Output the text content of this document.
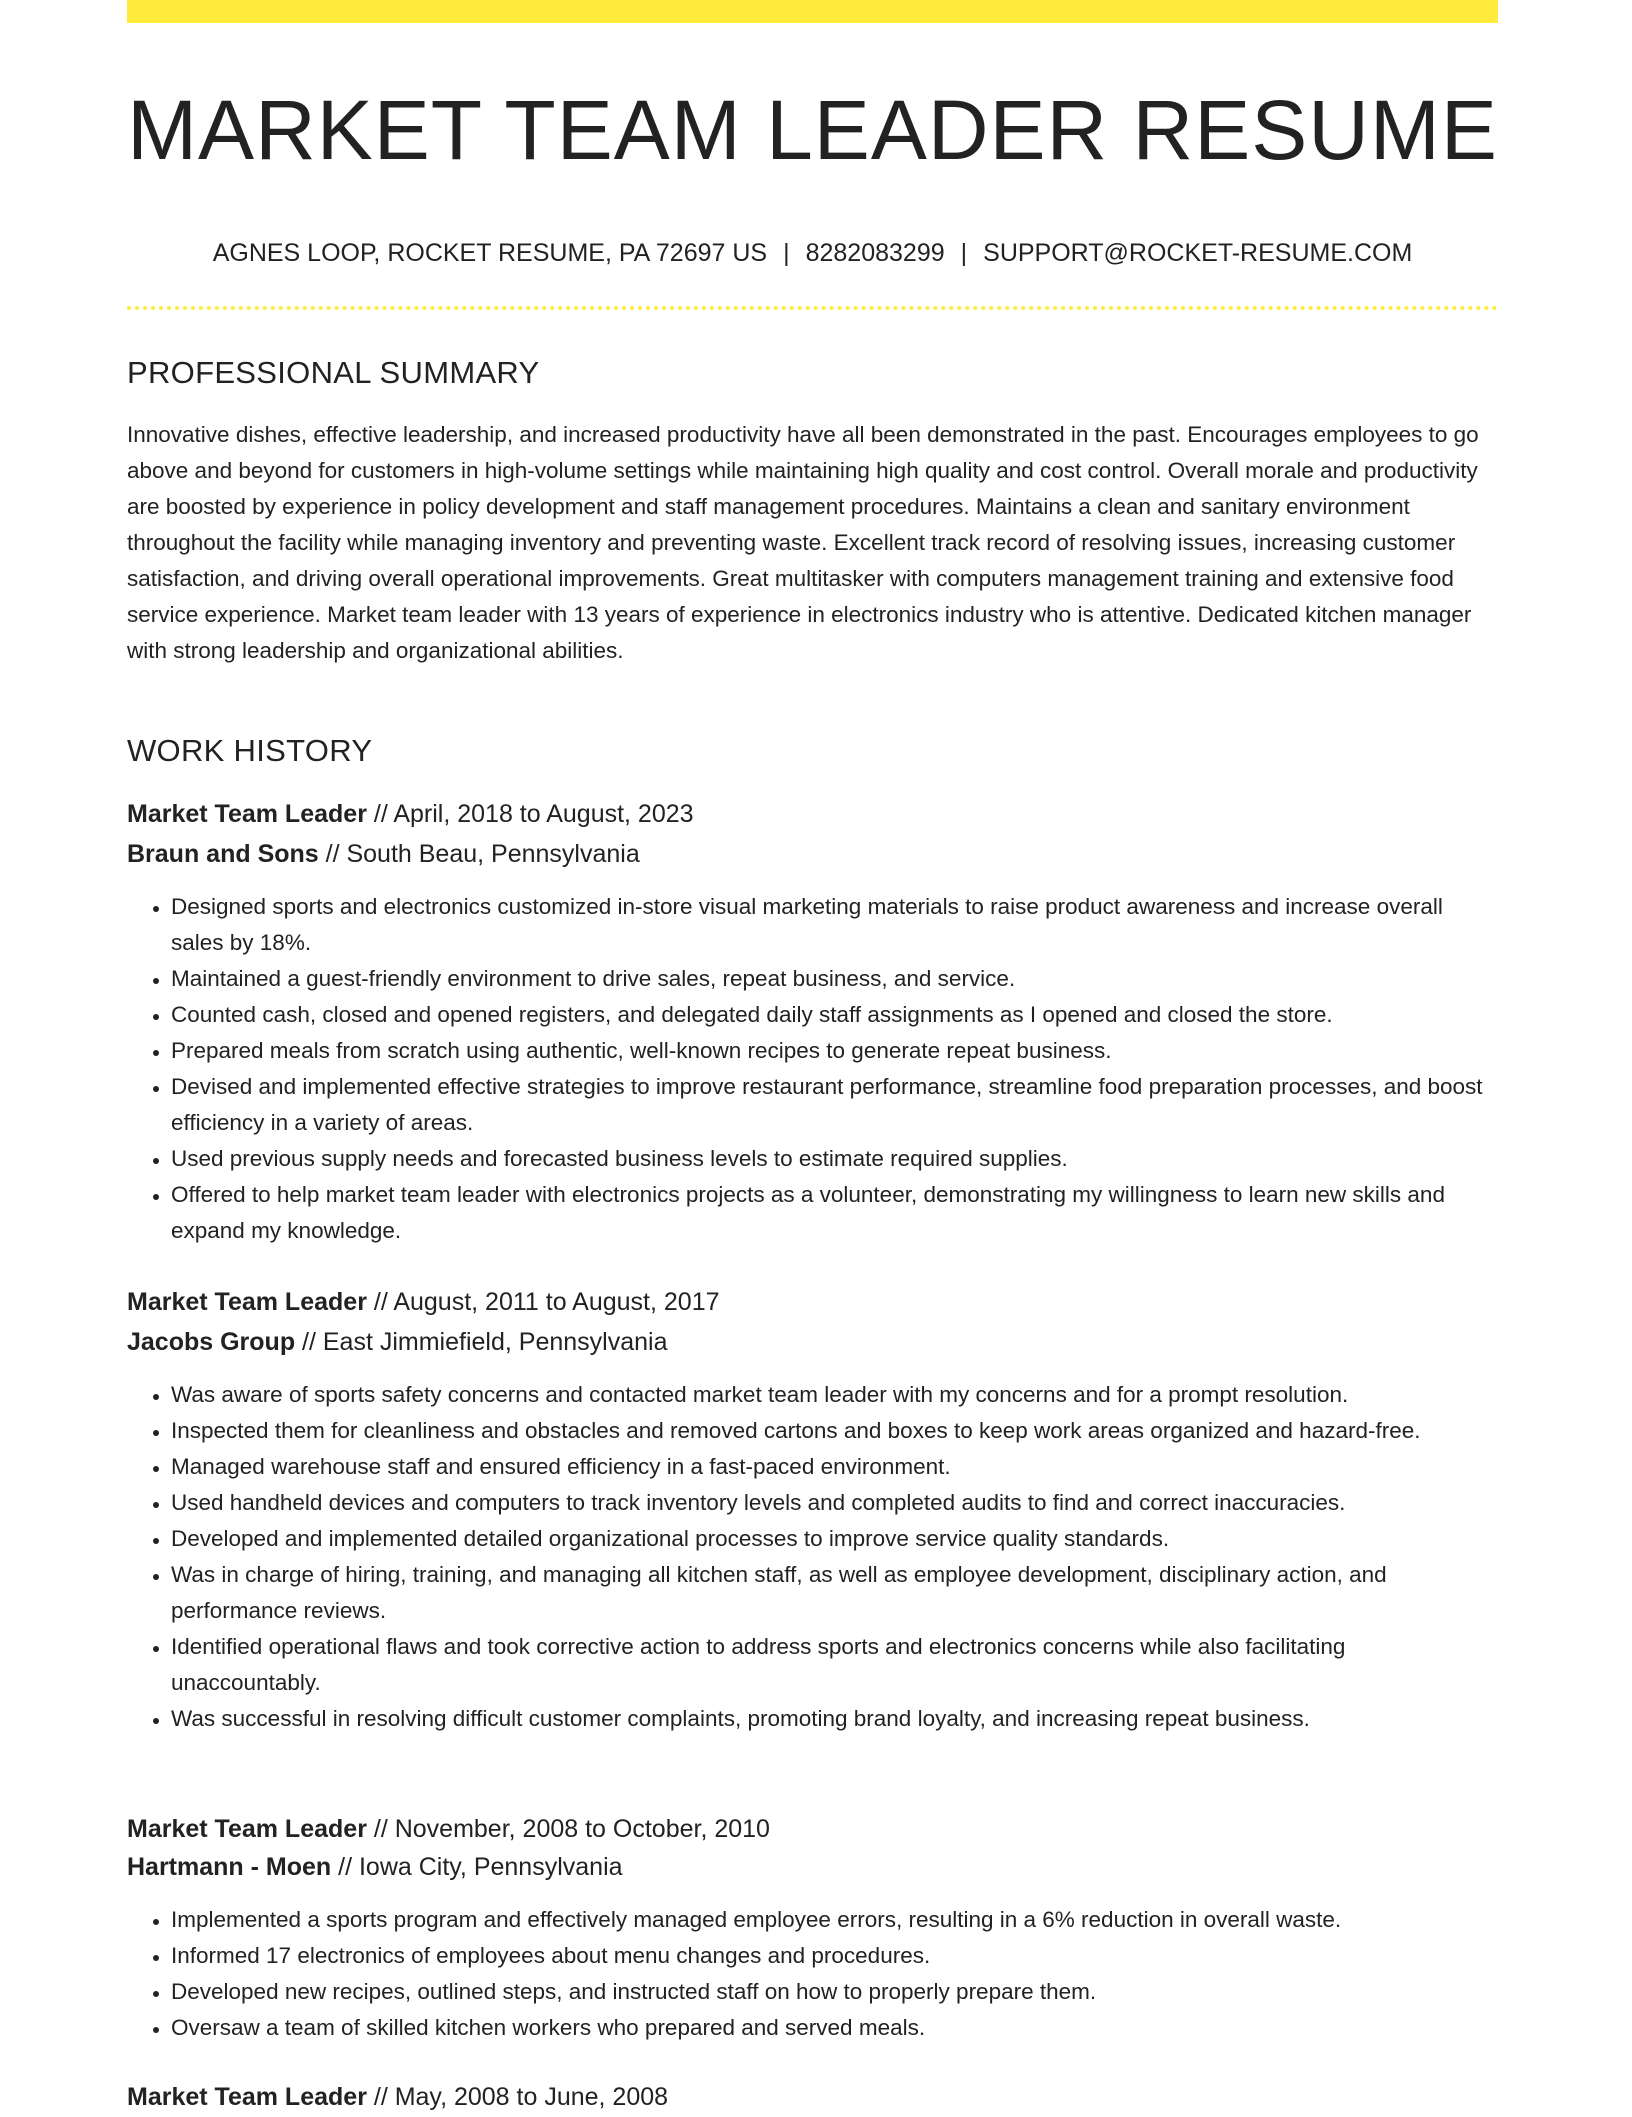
MARKET TEAM LEADER RESUME
AGNES LOOP, ROCKET RESUME, PA 72697 US | 8282083299 | SUPPORT@ROCKET-RESUME.COM
PROFESSIONAL SUMMARY

Innovative dishes, effective leadership, and increased productivity have all been demonstrated in the past. Encourages employees to go above and beyond for customers in high-volume settings while maintaining high quality and cost control. Overall morale and productivity are boosted by experience in policy development and staff management procedures. Maintains a clean and sanitary environment throughout the facility while managing inventory and preventing waste. Excellent track record of resolving issues, increasing customer satisfaction, and driving overall operational improvements. Great multitasker with computers management training and extensive food service experience. Market team leader with 13 years of experience in electronics industry who is attentive. Dedicated kitchen manager with strong leadership and organizational abilities.

WORK HISTORY
Market Team Leader // April, 2018 to August, 2023
Braun and Sons // South Beau, Pennsylvania
• Designed sports and electronics customized in-store visual marketing materials to raise product awareness and increase overall sales by 18%.
• Maintained a guest-friendly environment to drive sales, repeat business, and service.
• Counted cash, closed and opened registers, and delegated daily staff assignments as I opened and closed the store.
• Prepared meals from scratch using authentic, well-known recipes to generate repeat business.
• Devised and implemented effective strategies to improve restaurant performance, streamline food preparation processes, and boost efficiency in a variety of areas.
• Used previous supply needs and forecasted business levels to estimate required supplies.
• Offered to help market team leader with electronics projects as a volunteer, demonstrating my willingness to learn new skills and expand my knowledge.
Market Team Leader // August, 2011 to August, 2017
Jacobs Group // East Jimmiefield, Pennsylvania
• Was aware of sports safety concerns and contacted market team leader with my concerns and for a prompt resolution.
• Inspected them for cleanliness and obstacles and removed cartons and boxes to keep work areas organized and hazard-free.
• Managed warehouse staff and ensured efficiency in a fast-paced environment.
• Used handheld devices and computers to track inventory levels and completed audits to find and correct inaccuracies.
• Developed and implemented detailed organizational processes to improve service quality standards.
• Was in charge of hiring, training, and managing all kitchen staff, as well as employee development, disciplinary action, and performance reviews.
• Identified operational flaws and took corrective action to address sports and electronics concerns while also facilitating unaccountably.
• Was successful in resolving difficult customer complaints, promoting brand loyalty, and increasing repeat business.
Market Team Leader // November, 2008 to October, 2010
Hartmann - Moen // Iowa City, Pennsylvania
• Implemented a sports program and effectively managed employee errors, resulting in a 6% reduction in overall waste.
• Informed 17 electronics of employees about menu changes and procedures.
• Developed new recipes, outlined steps, and instructed staff on how to properly prepare them.
• Oversaw a team of skilled kitchen workers who prepared and served meals.
Market Team Leader // May, 2008 to June, 2008
